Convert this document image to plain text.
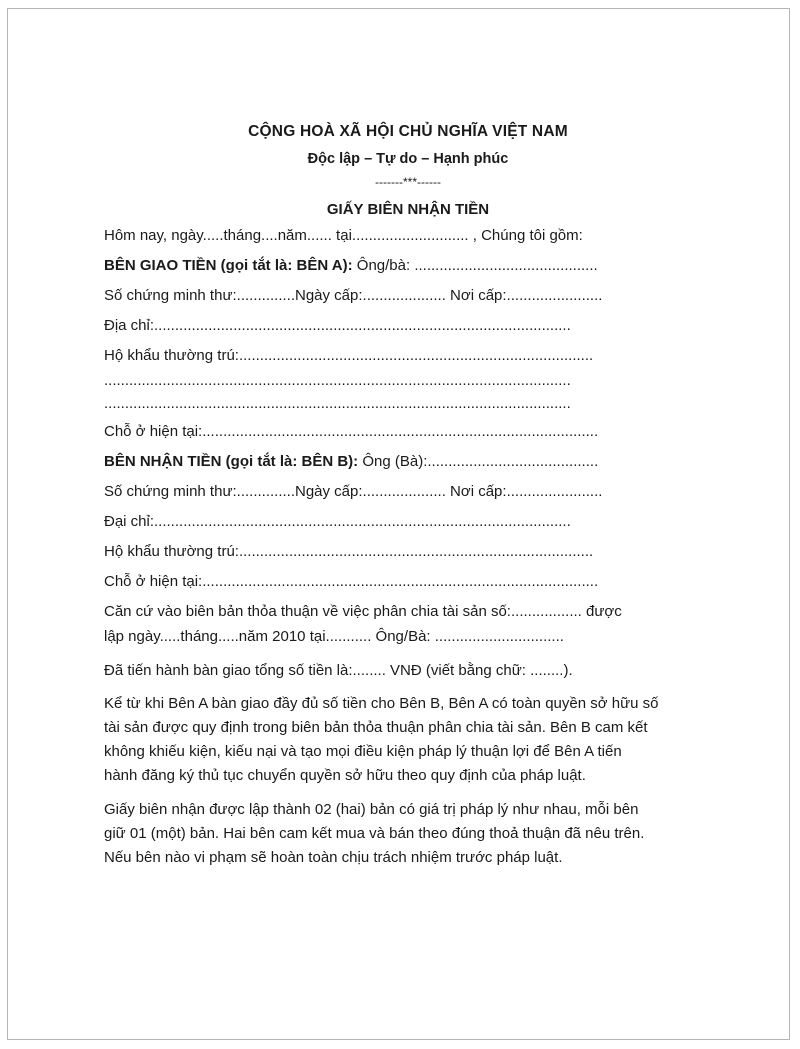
CỘNG HOÀ XÃ HỘI CHỦ NGHĨA VIỆT NAM
Độc lập – Tự do – Hạnh phúc
-------***------
GIẤY BIÊN NHẬN TIỀN
Hôm nay, ngày.....tháng....năm...... tại............................ , Chúng tôi gồm:
BÊN GIAO TIỀN (gọi tắt là: BÊN A): Ông/bà: ............................................
Số chứng minh thư:..............Ngày cấp:.................... Nơi cấp:.......................
Địa chỉ:....................................................................................................
Hộ khẩu thường trú:.....................................................................................
................................................................................................................
................................................................................................................
Chỗ ở hiện tại:...............................................................................................
BÊN NHẬN TIỀN (gọi tắt là: BÊN B): Ông (Bà):.........................................
Số chứng minh thư:..............Ngày cấp:.................... Nơi cấp:.......................
Đại chỉ:....................................................................................................
Hộ khẩu thường trú:.....................................................................................
Chỗ ở hiện tại:...............................................................................................
Căn cứ vào biên bản thỏa thuận về việc phân chia tài sản số:................. được
lập ngày.....tháng.....năm 2010 tại........... Ông/Bà: ...............................
Đã tiến hành bàn giao tổng số tiền là:........ VNĐ (viết bằng chữ: ........).
Kể từ khi Bên A bàn giao đầy đủ số tiền cho Bên B, Bên A có toàn quyền sở hữu số
tài sản được quy định trong biên bản thỏa thuận phân chia tài sản. Bên B cam kết
không khiếu kiện, kiếu nại và tạo mọi điều kiện pháp lý thuận lợi để Bên A tiến
hành đăng ký thủ tục chuyển quyền sở hữu theo quy định của pháp luật.
Giấy biên nhận được lập thành 02 (hai) bản có giá trị pháp lý như nhau, mỗi bên
giữ 01 (một) bản. Hai bên cam kết mua và bán theo đúng thoả thuận đã nêu trên.
Nếu bên nào vi phạm sẽ hoàn toàn chịu trách nhiệm trước pháp luật.
